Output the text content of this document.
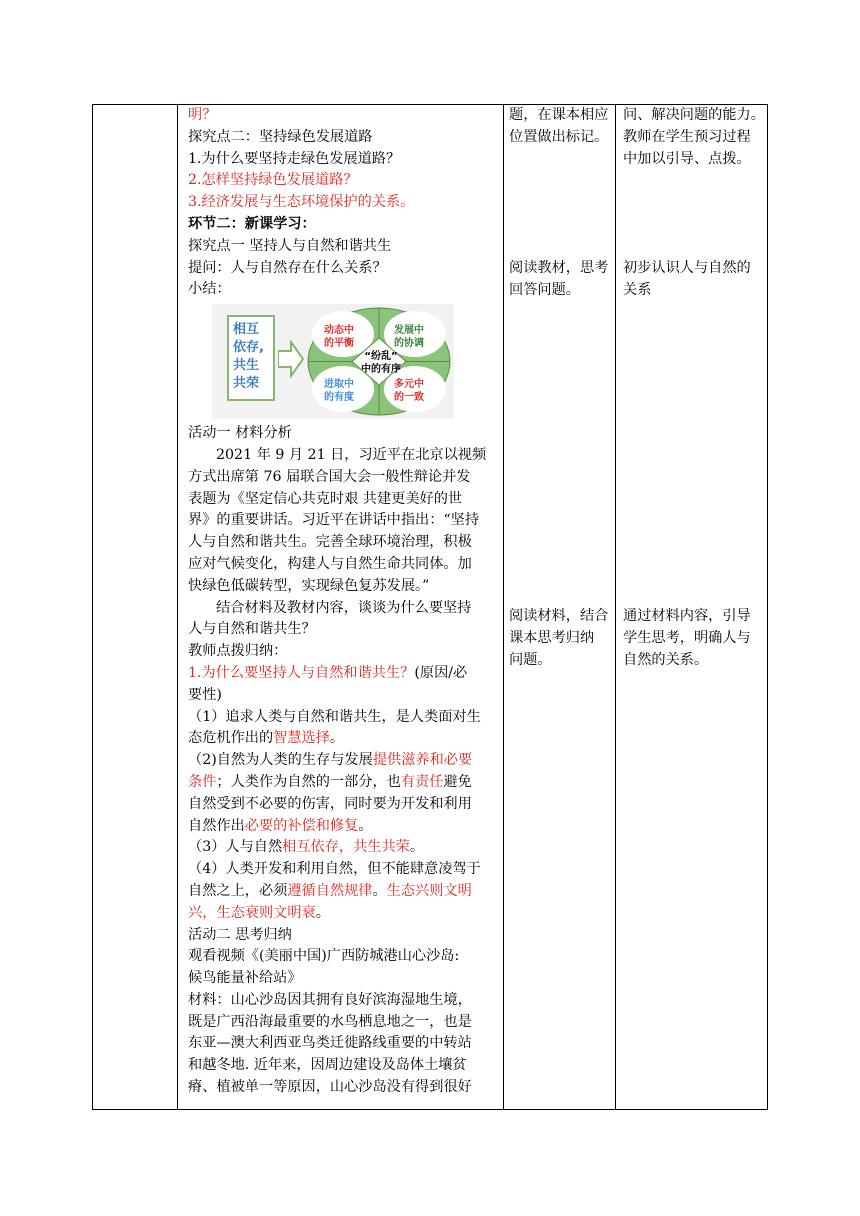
明？
探究点二：坚持绿色发展道路
1.为什么要坚持走绿色发展道路？
2.怎样坚持绿色发展道路？
3.经济发展与生态环境保护的关系。
环节二：新课学习：
探究点一 坚持人与自然和谐共生
提问：人与自然存在什么关系？
小结：
相互
依存,
共生
共荣
动态中
的平衡
发展中
的协调
进取中
的有度
多元中
的一致
“纷乱”
中的有序
活动一 材料分析
2021 年 9 月 21 日，习近平在北京以视频
方式出席第 76 届联合国大会一般性辩论并发
表题为《坚定信心共克时艰 共建更美好的世
界》的重要讲话。习近平在讲话中指出：“坚持
人与自然和谐共生。完善全球环境治理，积极
应对气候变化，构建人与自然生命共同体。加
快绿色低碳转型，实现绿色复苏发展。”
结合材料及教材内容，谈谈为什么要坚持
人与自然和谐共生？
教师点拨归纳：
1.为什么要坚持人与自然和谐共生？(原因/必
要性)
（1）追求人类与自然和谐共生，是人类面对生
态危机作出的智慧选择。
（2)自然为人类的生存与发展提供滋养和必要
条件；人类作为自然的一部分，也有责任避免
自然受到不必要的伤害，同时要为开发和利用
自然作出必要的补偿和修复。
（3）人与自然相互依存，共生共荣。
（4）人类开发和利用自然，但不能肆意凌驾于
自然之上，必须遵循自然规律。生态兴则文明
兴，生态衰则文明衰。
活动二 思考归纳
观看视频《(美丽中国)广西防城港山心沙岛:
候鸟能量补给站》
材料：山心沙岛因其拥有良好滨海湿地生境，
既是广西沿海最重要的水鸟栖息地之一，也是
东亚—澳大利西亚鸟类迁徙路线重要的中转站
和越冬地. 近年来，因周边建设及岛体土壤贫
瘠、植被单一等原因，山心沙岛没有得到很好
题，在课本相应
位置做出标记。
阅读教材，思考
回答问题。
阅读材料，结合
课本思考归纳
问题。
问、解决问题的能力。
教师在学生预习过程
中加以引导、点拨。
初步认识人与自然的
关系
通过材料内容，引导
学生思考，明确人与
自然的关系。
